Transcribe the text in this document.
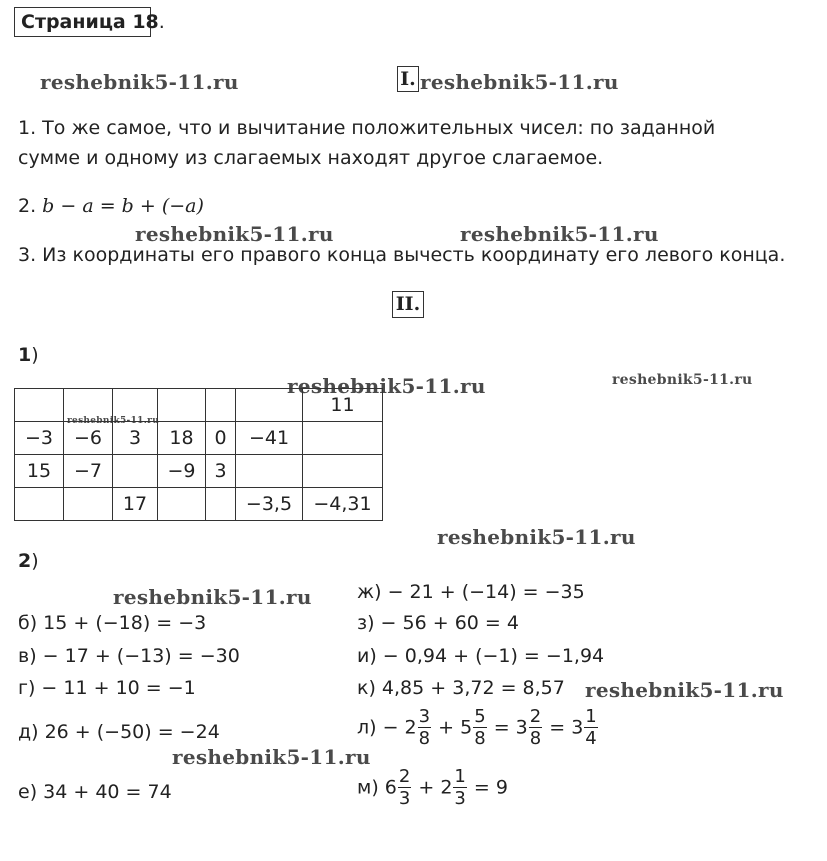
Страница 18.
reshebnik5-11.ru	reshebnik5-11.ru
reshebnik5-11.ru	reshebnik5-11.ru
reshebnik5-11.ru	reshebnik5-11.ru
reshebnik5-11.ru
reshebnik5-11.ru
reshebnik5-11.ru
reshebnik5-11.ru
reshebnik5-11.ru
I.
1. То же самое, что и вычитание положительных чисел: по заданной
сумме и одному из слагаемых находят другое слагаемое.
2. b − a = b + (−a)
3. Из координаты его правого конца вычесть координату его левого конца.
II.
1)
						11
−3	−6	3	18	0	−41	
15	−7		−9	3		
		17			−3,5	−4,31
2)
б) 15 + (−18) = −3
в) − 17 + (−13) = −30
г) − 11 + 10 = −1
д) 26 + (−50) = −24
е) 34 + 40 = 74
ж) − 21 + (−14) = −35
з) − 56 + 60 = 4
и) − 0,94 + (−1) = −1,94
к) 4,85 + 3,72 = 8,57
$л) - 2 \frac{3}{8} + 5 \frac{5}{8} = 3 \frac{2}{8} = 3 \frac{1}{4}$
м) $6 \frac{2}{3} + 2 \frac{1}{3} = 9$
